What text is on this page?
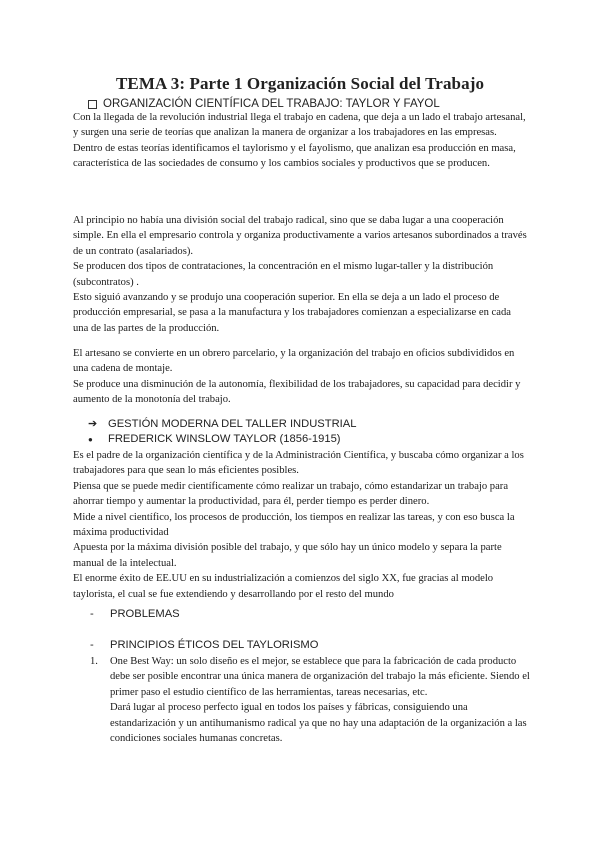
TEMA 3: Parte 1 Organización Social del Trabajo
ORGANIZACIÓN CIENTÍFICA DEL TRABAJO: TAYLOR Y FAYOL

Con la llegada de la revolución industrial llega el trabajo en cadena, que deja a un lado el trabajo artesanal, y surgen una serie de teorías que analizan la manera de organizar a los trabajadores en las empresas.

Dentro de estas teorías identificamos el taylorismo y el fayolismo, que analizan esa producción en masa, característica de las sociedades de consumo y los cambios sociales y productivos que se producen.

Al principio no había una división social del trabajo radical, sino que se daba lugar a una cooperación simple. En ella el empresario controla y organiza productivamente a varios artesanos subordinados a través de un contrato (asalariados).

Se producen dos tipos de contrataciones, la concentración en el mismo lugar-taller y la distribución (subcontratos) .

Esto siguió avanzando y se produjo una cooperación superior. En ella se deja a un lado el proceso de producción empresarial, se pasa a la manufactura y los trabajadores comienzan a especializarse en cada una de las partes de la producción.

El artesano se convierte en un obrero parcelario, y la organización del trabajo en oficios subdivididos en una cadena de montaje.

Se produce una disminución de la autonomía, flexibilidad de los trabajadores, su capacidad para decidir y aumento de la monotonía del trabajo.

➔ GESTIÓN MODERNA DEL TALLER INDUSTRIAL
●	FREDERICK WINSLOW TAYLOR (1856-1915)

Es el padre de la organización científica y de la Administración Científica, y buscaba cómo organizar a los trabajadores para que sean lo más eficientes posibles.

Piensa que se puede medir científicamente cómo realizar un trabajo, cómo estandarizar un trabajo para ahorrar tiempo y aumentar la productividad, para él, perder tiempo es perder dinero.

Mide a nivel científico, los procesos de producción, los tiempos en realizar las tareas, y con eso busca la máxima productividad

Apuesta por la máxima división posible del trabajo, y que sólo hay un único modelo y separa la parte manual de la intelectual.

El enorme éxito de EE.UU en su industrialización a comienzos del siglo XX, fue gracias al modelo taylorista, el cual se fue extendiendo y desarrollando por el resto del mundo

-	PROBLEMAS
-	PRINCIPIOS ÉTICOS DEL TAYLORISMO
1. One Best Way: un solo diseño es el mejor, se establece que para la fabricación de cada producto debe ser posible encontrar una única manera de organización del trabajo la más eficiente. Siendo el primer paso el estudio científico de las herramientas, tareas necesarias, etc.

Dará lugar al proceso perfecto igual en todos los países y fábricas, consiguiendo una estandarización y un antihumanismo radical ya que no hay una adaptación de la organización a las condiciones sociales humanas concretas.
